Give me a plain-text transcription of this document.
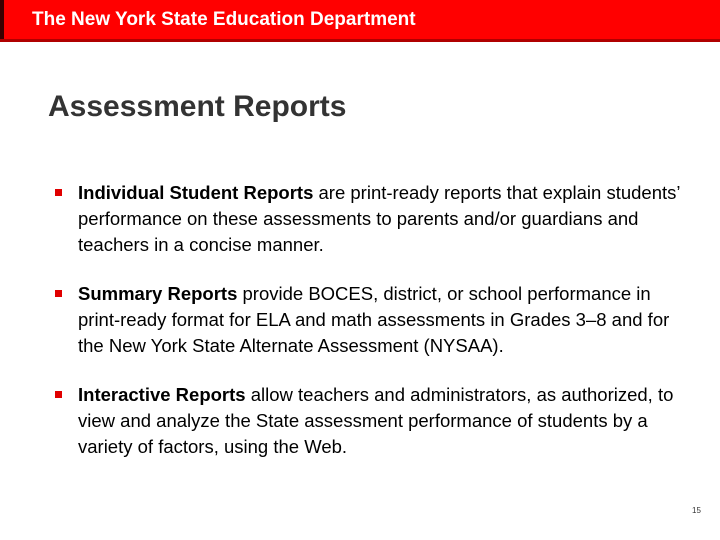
The New York State Education Department
Assessment Reports
Individual Student Reports are print-ready reports that explain students’ performance on these assessments to parents and/or guardians and teachers in a concise manner.
Summary Reports provide BOCES, district, or school performance in print-ready format for ELA and math assessments in Grades 3–8 and for the New York State Alternate Assessment (NYSAA).
Interactive Reports allow teachers and administrators, as authorized, to view and analyze the State assessment performance of students by a variety of factors, using the Web.
15
